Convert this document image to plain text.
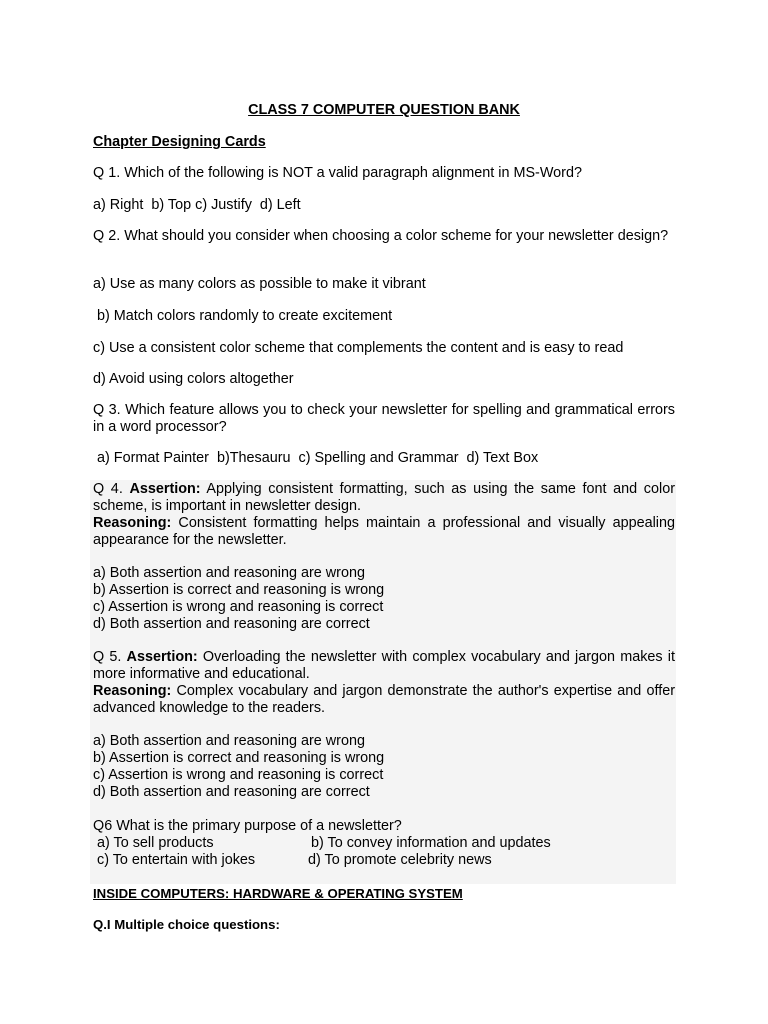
CLASS 7 COMPUTER QUESTION BANK
Chapter Designing Cards
Q 1. Which of the following is NOT a valid paragraph alignment in MS-Word?
a) Right  b) Top c) Justify  d) Left
Q 2. What should you consider when choosing a color scheme for your newsletter design?
a) Use as many colors as possible to make it vibrant
b) Match colors randomly to create excitement
c) Use a consistent color scheme that complements the content and is easy to read
d) Avoid using colors altogether
Q 3. Which feature allows you to check your newsletter for spelling and grammatical errors in a word processor?
a) Format Painter  b)Thesauru  c) Spelling and Grammar  d) Text Box
Q 4. Assertion: Applying consistent formatting, such as using the same font and color scheme, is important in newsletter design.
Reasoning: Consistent formatting helps maintain a professional and visually appealing appearance for the newsletter.
a) Both assertion and reasoning are wrong
b) Assertion is correct and reasoning is wrong
c) Assertion is wrong and reasoning is correct
d) Both assertion and reasoning are correct
Q 5. Assertion: Overloading the newsletter with complex vocabulary and jargon makes it more informative and educational.
Reasoning: Complex vocabulary and jargon demonstrate the author's expertise and offer advanced knowledge to the readers.
a) Both assertion and reasoning are wrong
b) Assertion is correct and reasoning is wrong
c) Assertion is wrong and reasoning is correct
d) Both assertion and reasoning are correct
Q6 What is the primary purpose of a newsletter?
a) To sell products	b) To convey information and updates
c) To entertain with jokes	d) To promote celebrity news
INSIDE COMPUTERS: HARDWARE & OPERATING SYSTEM
Q.I Multiple choice questions:
